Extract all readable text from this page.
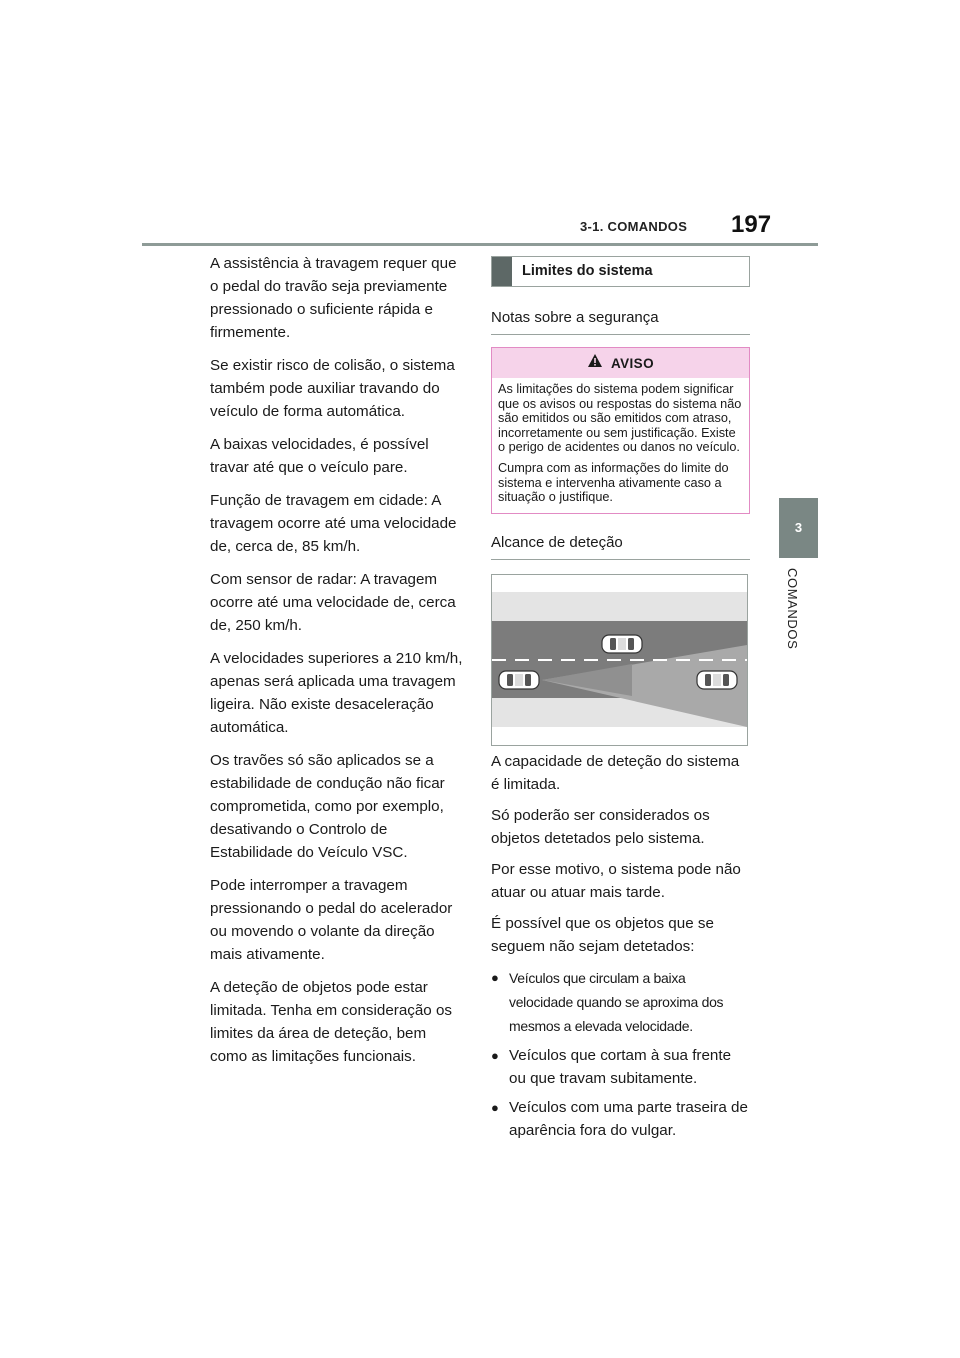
3-1. COMANDOS 197
3
COMANDOS

A assistência à travagem requer que o pedal do travão seja previamente pressionado o suficiente rápida e firmemente.

Se existir risco de colisão, o sistema também pode auxiliar travando do veículo de forma automática.

A baixas velocidades, é possível travar até que o veículo pare.

Função de travagem em cidade: A travagem ocorre até uma velocidade de, cerca de, 85 km/h.

Com sensor de radar: A travagem ocorre até uma velocidade de, cerca de, 250 km/h.

A velocidades superiores a 210 km/h, apenas será aplicada uma travagem ligeira. Não existe desaceleração automática.

Os travões só são aplicados se a estabilidade de condução não ficar comprometida, como por exemplo, desativando o Controlo de Estabilidade do Veículo VSC.

Pode interromper a travagem pressionando o pedal do acelerador ou movendo o volante da direção mais ativamente.

A deteção de objetos pode estar limitada. Tenha em consideração os limites da área de deteção, bem como as limitações funcionais.

Limites do sistema
Notas sobre a segurança
AVISO

As limitações do sistema podem significar que os avisos ou respostas do sistema não são emitidos ou são emitidos com atraso, incorretamente ou sem justificação. Existe o perigo de acidentes ou danos no veículo.

Cumpra com as informações do limite do sistema e intervenha ativamente caso a situação o justifique.

Alcance de deteção

A capacidade de deteção do sistema é limitada.

Só poderão ser considerados os objetos detetados pelo sistema.

Por esse motivo, o sistema pode não atuar ou atuar mais tarde.

É possível que os objetos que se seguem não sejam detetados:

● Veículos que circulam a baixa velocidade quando se aproxima dos mesmos a elevada velocidade.
● Veículos que cortam à sua frente ou que travam subitamente.
● Veículos com uma parte traseira de aparência fora do vulgar.
